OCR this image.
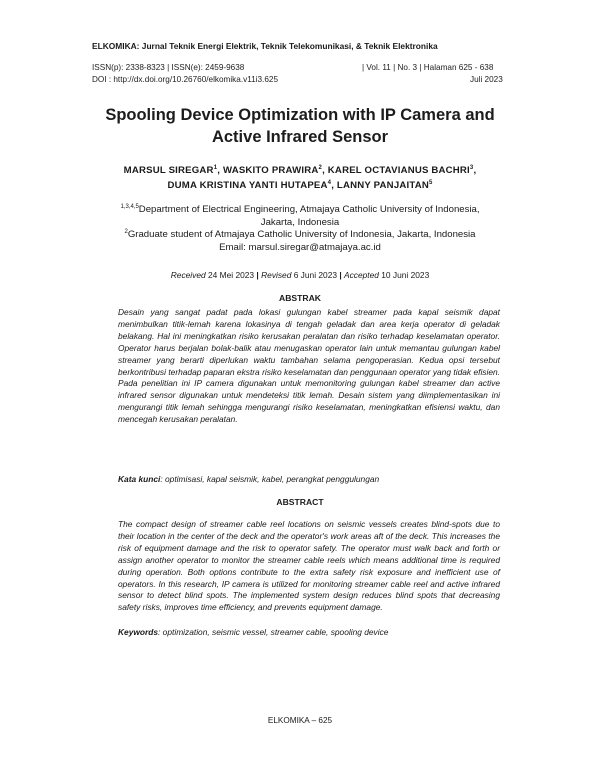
ELKOMIKA: Jurnal Teknik Energi Elektrik, Teknik Telekomunikasi, & Teknik Elektronika
ISSN(p): 2338-8323 | ISSN(e): 2459-9638	| Vol. 11 | No. 3 | Halaman 625 - 638
DOI : http://dx.doi.org/10.26760/elkomika.v11i3.625	Juli 2023
Spooling Device Optimization with IP Camera and
Active Infrared Sensor
MARSUL SIREGAR$^1$, WASKITO PRAWIRA$^2$, KAREL OCTAVIANUS BACHRI$^3$,
DUMA KRISTINA YANTI HUTAPEA$^4$, LANNY PANJAITAN$^5$
$^{1,3,4,5}$Department of Electrical Engineering, Atmajaya Catholic University of Indonesia,
Jakarta, Indonesia
$^2$Graduate student of Atmajaya Catholic University of Indonesia, Jakarta, Indonesia
Email: marsul.siregar@atmajaya.ac.id
Received 24 Mei 2023 | Revised 6 Juni 2023 | Accepted 10 Juni 2023
ABSTRAK
Desain yang sangat padat pada lokasi gulungan kabel streamer pada kapal seismik dapat menimbulkan titik-lemah karena lokasinya di tengah geladak dan area kerja operator di geladak belakang. Hal ini meningkatkan risiko kerusakan peralatan dan risiko terhadap keselamatan operator. Operator harus berjalan bolak-balik atau menugaskan operator lain untuk memantau gulungan kabel streamer yang berarti diperlukan waktu tambahan selama pengoperasian. Kedua opsi tersebut berkontribusi terhadap paparan ekstra risiko keselamatan dan penggunaan operator yang tidak efisien. Pada penelitian ini IP camera digunakan untuk memonitoring gulungan kabel streamer dan active infrared sensor digunakan untuk mendeteksi titik lemah. Desain sistem yang diimplementasikan ini mengurangi titik lemah sehingga mengurangi risiko keselamatan, meningkatkan efisiensi waktu, dan mencegah kerusakan peralatan.
Kata kunci: optimisasi, kapal seismik, kabel, perangkat penggulungan
ABSTRACT
The compact design of streamer cable reel locations on seismic vessels creates blind-spots due to their location in the center of the deck and the operator's work areas aft of the deck. This increases the risk of equipment damage and the risk to operator safety. The operator must walk back and forth or assign another operator to monitor the streamer cable reels which means additional time is required during operation. Both options contribute to the extra safety risk exposure and inefficient use of operators. In this research, IP camera is utilized for monitoring streamer cable reel and active infrared sensor to detect blind spots. The implemented system design reduces blind spots that decreasing safety risks, improves time efficiency, and prevents equipment damage.
Keywords: optimization, seismic vessel, streamer cable, spooling device
ELKOMIKA – 625
